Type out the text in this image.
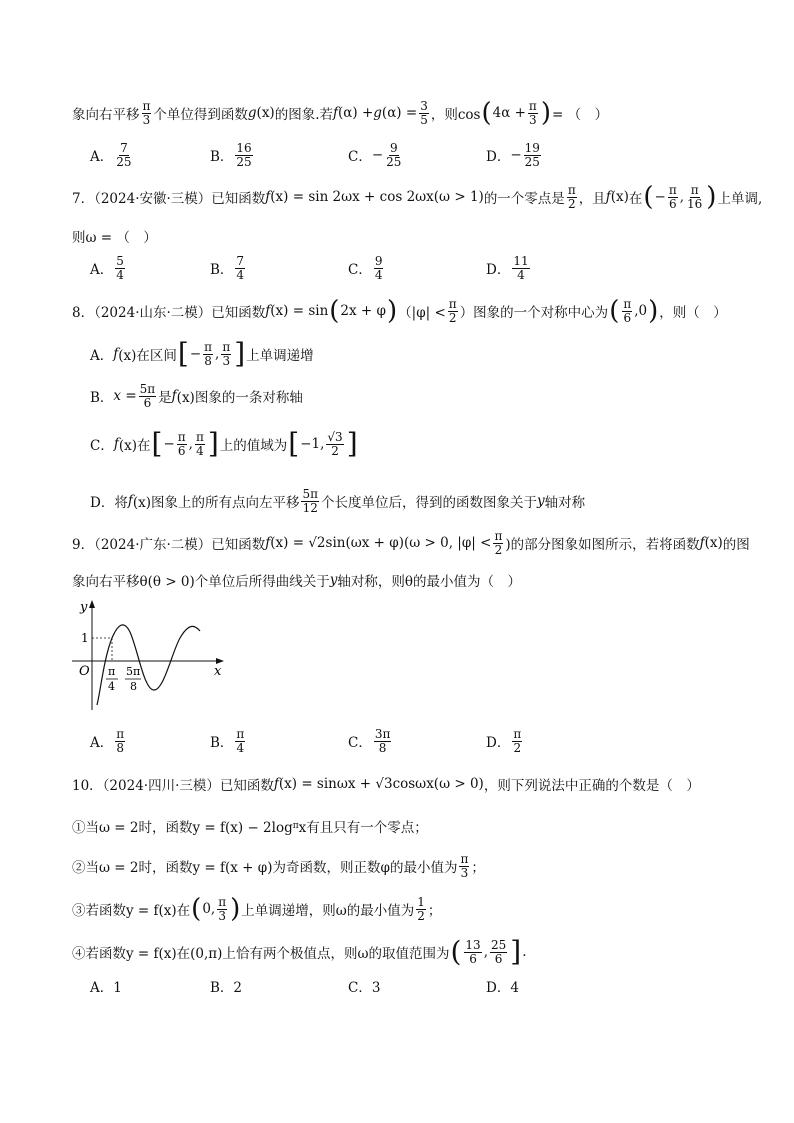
象向右平移 $\frac{\pi}{3}$ 个单位得到函数 g (x) 的图象.若 f (α) + g $(\alpha) = \frac{3}{5}$ ，则cos ( $4\alpha + \frac{\pi}{3}$ ) = （　）
A． $\frac{7}{25}$	B． $\frac{16}{25}$	C． − $\frac{9}{25}$	D． − $\frac{19}{25}$
7．（2024·安徽·三模）已知函数 f (x) = sin 2ωx + cos 2ωx(ω > 1) 的一个零点是 $\frac{\pi}{2}$ ，且 f (x) 在 ( − $\frac{\pi}{6}$ , $\frac{\pi}{16}$ ) 上单调,
则ω = （　）
A． $\frac{5}{4}$	B． $\frac{7}{4}$	C． $\frac{9}{4}$	D． $\frac{11}{4}$
8．（2024·山东·二模）已知函数 f (x) = sin ( 2x + φ ) （$|\varphi| < \frac{\pi}{2}$ ）图象的一个对称中心为 ( $\frac{\pi}{6} ,0$ ) ，则（　）
A． f (x)在区间 [ − $\frac{\pi}{8}$ , $\frac{\pi}{3}$ ] 上单调递增
B． $x = \frac{5\pi}{6}$ 是 f (x)图象的一条对称轴
C． f (x)在 [ − $\frac{\pi}{6}$ , $\frac{\pi}{4}$ ] 上的值域为 [ −1, $\frac{√3}{2}$ ]
D．将 f (x)图象上的所有点向左平移 $\frac{5\pi}{12}$ 个长度单位后，得到的函数图象关于 y 轴对称
9．（2024·广东·二模）已知函数 f (x) = √2sin(ωx + φ)(ω > 0, $|\varphi| < \frac{\pi}{2}$ )的部分图象如图所示，若将函数 f (x) 的图
象向右平移θ(θ > 0)个单位后所得曲线关于 y 轴对称，则θ的最小值为（　）
y
x
O
1
π
4
5π
8
A． $\frac{\pi}{8}$	B． $\frac{\pi}{4}$	C． $\frac{3\pi}{8}$	D． $\frac{\pi}{2}$
10．（2024·四川·三模）已知函数 f (x) = sinωx + √3cosωx(ω > 0) ，则下列说法中正确的个数是（　）
①当ω = 2时，函数y = f(x) − 2log π x有且只有一个零点；
②当ω = 2时，函数y = f(x + φ)为奇函数，则正数φ的最小值为 $\frac{\pi}{3}$ ；
③若函数y = f(x)在 ( 0, $\frac{\pi}{3}$ ) 上单调递增，则ω的最小值为 $\frac{1}{2}$ ；
④若函数y = f(x)在(0,π)上恰有两个极值点，则ω的取值范围为 ( $\frac{13}{6}$ , $\frac{25}{6}$ ] .
A．1	B．2	C．3	D．4
